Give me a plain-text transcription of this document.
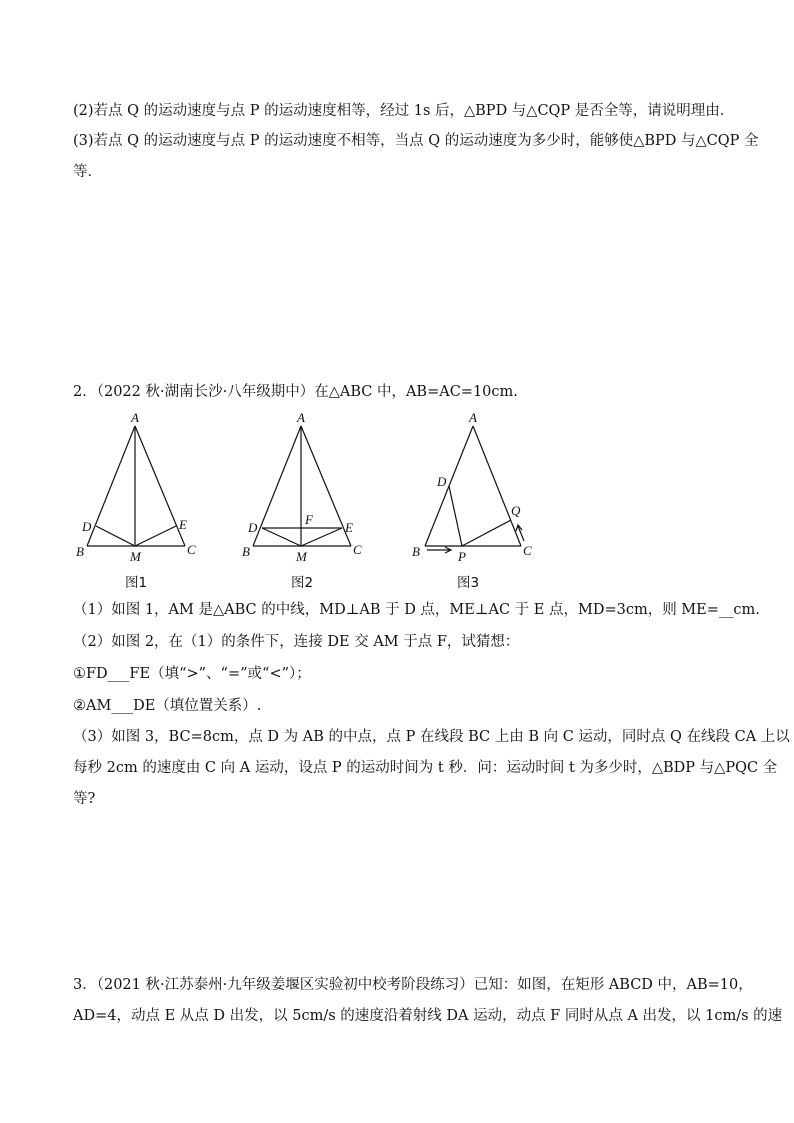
(2)若点 Q 的运动速度与点 P 的运动速度相等，经过 1s 后，△BPD 与△CQP 是否全等，请说明理由．
(3)若点 Q 的运动速度与点 P 的运动速度不相等，当点 Q 的运动速度为多少时，能够使△BPD 与△CQP 全
等．
2．（2022 秋·湖南长沙·八年级期中）在△ABC 中，AB=AC=10cm.
A
B	C
D	E
M
图1
A
B	C
D	E
M
F
图2
A
B	C
D
P
Q
图3
（1）如图 1，AM 是△ABC 的中线，MD⊥AB 于 D 点，ME⊥AC 于 E 点，MD=3cm，则 ME=__cm.
（2）如图 2，在（1）的条件下，连接 DE 交 AM 于点 F，试猜想：
①FD___FE（填“>”、“=”或“<”）；
②AM___DE（填位置关系）.
（3）如图 3，BC=8cm，点 D 为 AB 的中点，点 P 在线段 BC 上由 B 向 C 运动，同时点 Q 在线段 CA 上以
每秒 2cm 的速度由 C 向 A 运动，设点 P 的运动时间为 t 秒．问：运动时间 t 为多少时，△BDP 与△PQC 全
等?
3．（2021 秋·江苏泰州·九年级姜堰区实验初中校考阶段练习）已知：如图，在矩形 ABCD 中，AB=10，
AD=4，动点 E 从点 D 出发，以 5cm/s 的速度沿着射线 DA 运动，动点 F 同时从点 A 出发，以 1cm/s 的速
